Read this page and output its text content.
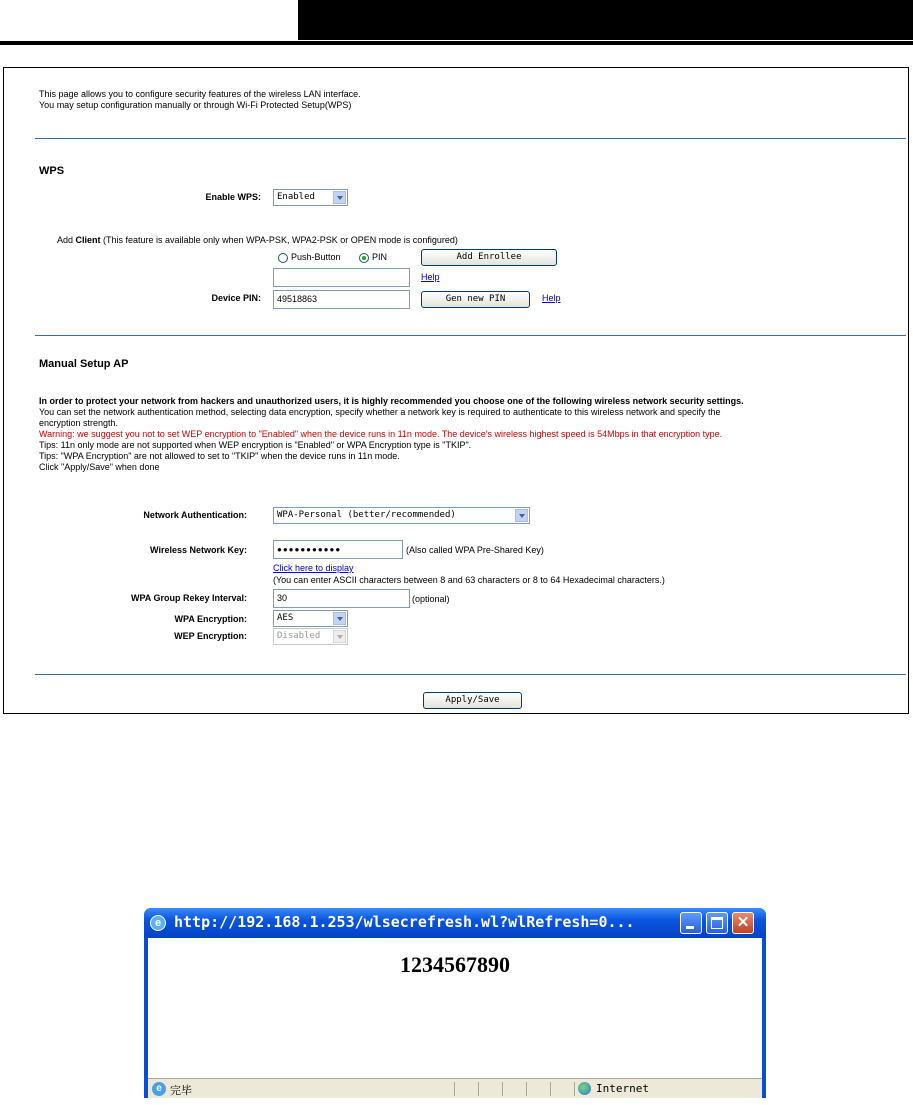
This page allows you to configure security features of the wireless LAN interface.
You may setup configuration manually or through Wi-Fi Protected Setup(WPS)
WPS
Enable WPS:	Enabled
Add Client (This feature is available only when WPA-PSK, WPA2-PSK or OPEN mode is configured)
Push-Button	PIN	Add Enrollee
Help
Device PIN:	49518863	Gen new PIN	Help
Manual Setup AP
In order to protect your network from hackers and unauthorized users, it is highly recommended you choose one of the following wireless network security settings.
You can set the network authentication method, selecting data encryption, specify whether a network key is required to authenticate to this wireless network and specify the
encryption strength.
Warning: we suggest you not to set WEP encryption to "Enabled" when the device runs in 11n mode. The device's wireless highest speed is 54Mbps in that encryption type.
Tips: 11n only mode are not supported when WEP encryption is "Enabled" or WPA Encryption type is "TKIP".
Tips: "WPA Encryption" are not allowed to set to "TKIP" when the device runs in 11n mode.
Click "Apply/Save" when done
Network Authentication:	WPA-Personal (better/recommended)
Wireless Network Key:	●●●●●●●●●●●	(Also called WPA Pre-Shared Key)
Click here to display
(You can enter ASCII characters between 8 and 63 characters or 8 to 64 Hexadecimal characters.)
WPA Group Rekey Interval:	30	(optional)
WPA Encryption:	AES
WEP Encryption:	Disabled
Apply/Save
e http://192.168.1.253/wlsecrefresh.wl?wlRefresh=0...	✕
1234567890
e 完毕	Internet
